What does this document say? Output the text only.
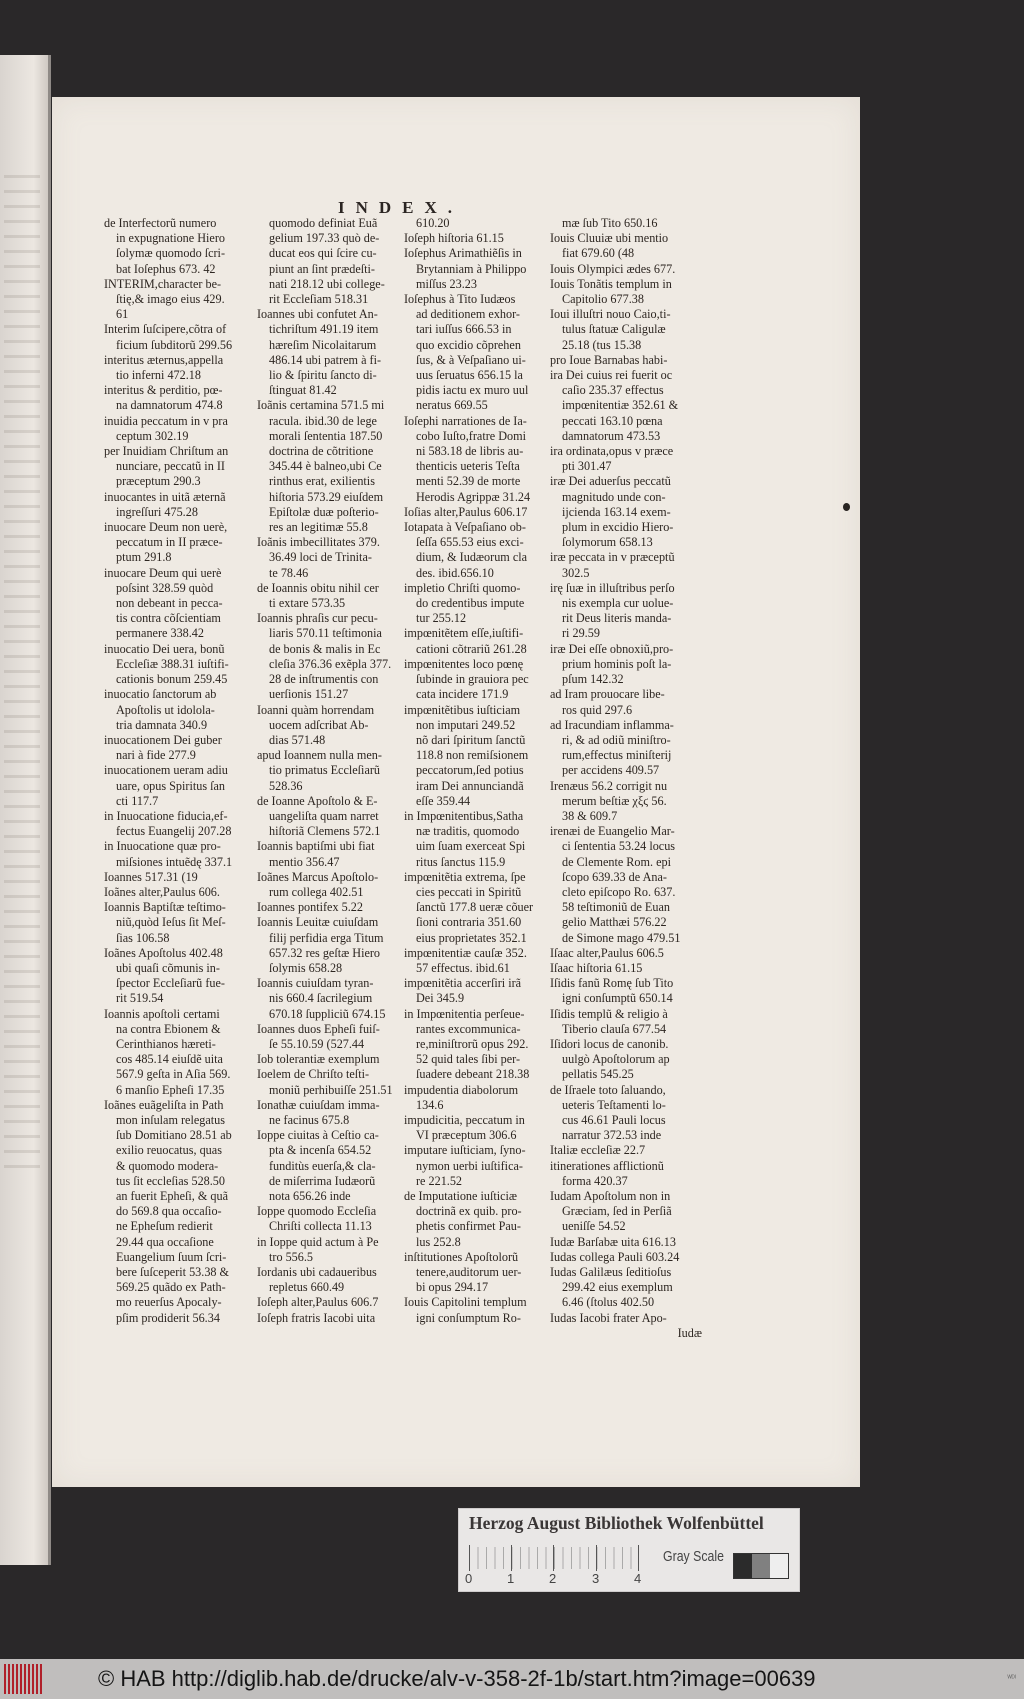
INDEX.
de Interfectorũ numero
in expugnatione Hiero
ſolymæ quomodo ſcri-
bat Ioſephus 673. 42
INTERIM,character be-
ſtię,& imago eius 429.
61
Interim ſuſcipere,cõtra of
ficium ſubditorũ 299.56
interitus æternus,appella
tio inferni 472.18
interitus & perditio, pœ-
na damnatorum 474.8
inuidia peccatum in v pra
ceptum 302.19
per Inuidiam Chriſtum an
nunciare, peccatũ in II
præceptum 290.3
inuocantes in uitã æternã
ingreſſuri 475.28
inuocare Deum non uerè,
peccatum in II præce-
ptum 291.8
inuocare Deum qui uerè
poſsint 328.59 quòd
non debeant in pecca-
tis contra cõſcientiam
permanere 338.42
inuocatio Dei uera, bonũ
Eccleſiæ 388.31 iuſtifi-
cationis bonum 259.45
inuocatio ſanctorum ab
Apoſtolis ut idolola-
tria damnata 340.9
inuocationem Dei guber
nari à fide 277.9
inuocationem ueram adiu
uare, opus Spiritus ſan
cti 117.7
in Inuocatione fiducia,ef-
fectus Euangelij 207.28
in Inuocatione quæ pro-
miſsiones intuẽdę 337.1
Ioannes 517.31 (19
Ioãnes alter,Paulus 606.
Ioannis Baptiſtæ teſtimo-
niũ,quòd Ieſus ſit Meſ-
ſias 106.58
Ioãnes Apoſtolus 402.48
ubi quaſi cõmunis in-
ſpector Eccleſiarũ fue-
rit 519.54
Ioannis apoſtoli certami
na contra Ebionem &
Cerinthianos hæreti-
cos 485.14 eiuſdẽ uita
567.9 geſta in Aſia 569.
6 manſio Epheſi 17.35
Ioãnes euãgeliſta in Path
mon inſulam relegatus
ſub Domitiano 28.51 ab
exilio reuocatus, quas
& quomodo modera-
tus ſit eccleſias 528.50
an fuerit Epheſi, & quã
do 569.8 qua occaſio-
ne Epheſum redierit
29.44 qua occaſione
Euangelium ſuum ſcri-
bere ſuſceperit 53.38 &
569.25 quãdo ex Path-
mo reuerſus Apocaly-
pſim prodiderit 56.34
quomodo definiat Euã
gelium 197.33 quò de-
ducat eos qui ſcire cu-
piunt an ſint prædeſti-
nati 218.12 ubi collegе-
rit Eccleſiam 518.31
Ioannes ubi confutet An-
tichriſtum 491.19 item
hæreſim Nicolaitarum
486.14 ubi patrem à fi-
lio & ſpiritu ſancto di-
ſtinguat 81.42
Ioãnis certamina 571.5 mi
racula. ibid.30 de lege
morali ſententia 187.50
doctrina de cõtritione
345.44 è balneo,ubi Ce
rinthus erat, exilientis
hiſtoria 573.29 eiuſdem
Epiſtolæ duæ poſterio-
res an legitimæ 55.8
Ioãnis imbecillitates 379.
36.49 loci de Trinita-
te 78.46
de Ioannis obitu nihil cer
ti extare 573.35
Ioannis phraſis cur pecu-
liaris 570.11 teſtimonia
de bonis & malis in Ec
cleſia 376.36 exẽpla 377.
28 de inſtrumentis con
uerſionis 151.27
Ioanni quàm horrendam
uocem adſcribat Ab-
dias 571.48
apud Ioannem nulla men-
tio primatus Eccleſiarũ
528.36
de Ioanne Apoſtolo & E-
uangeliſta quam narret
hiſtoriã Clemens 572.1
Ioannis baptiſmi ubi fiat
mentio 356.47
Ioãnes Marcus Apoſtolo-
rum collega 402.51
Ioannes pontifex 5.22
Ioannis Leuitæ cuiuſdam
filij perfidia erga Titum
657.32 res geſtæ Hiero
ſolymis 658.28
Ioannis cuiuſdam tyran-
nis 660.4 ſacrilegium
670.18 ſuppliciũ 674.15
Ioannes duos Epheſi fuiſ-
ſe 55.10.59 (527.44
Iob tolerantiæ exemplum
Ioelem de Chriſto teſti-
moniũ perhibuiſſe 251.51
Ionathæ cuiuſdam imma-
ne facinus 675.8
Ioppe ciuitas à Ceſtio ca-
pta & incenſa 654.52
funditùs euerſa,& cla-
de miſerrima Iudæorũ
nota 656.26 inde
Ioppe quomodo Eccleſia
Chriſti collecta 11.13
in Ioppe quid actum à Pe
tro 556.5
Iordanis ubi cadaueribus
repletus 660.49
Ioſeph alter,Paulus 606.7
Ioſeph fratris Iacobi uita
610.20
Ioſeph hiſtoria 61.15
Ioſephus Arimathiẽſis in
Brytanniam à Philippo
miſſus 23.23
Ioſephus à Tito Iudæos
ad deditionem exhor-
tari iuſſus 666.53 in
quo excidio cõprehen
ſus, & à Veſpaſiano ui-
uus ſeruatus 656.15 la
pidis iactu ex muro uul
neratus 669.55
Ioſephi narrationes de Ia-
cobo Iuſto,fratre Domi
ni 583.18 de libris au-
thenticis ueteris Teſta
menti 52.39 de morte
Herodis Agrippæ 31.24
Ioſias alter,Paulus 606.17
Iotapata à Veſpaſiano ob-
ſeſſa 655.53 eius exci-
dium, & Iudæorum cla
des. ibid.656.10
impletio Chriſti quomo-
do credentibus impute
tur 255.12
impœnitẽtem eſſe,iuſtifi-
cationi cõtrariũ 261.28
impœnitentes loco pœnę
ſubinde in grauiora pec
cata incidere 171.9
impœnitẽtibus iuſticiam
non imputari 249.52
nõ dari ſpiritum ſanctũ
118.8 non remiſsionem
peccatorum,ſed potius
iram Dei annunciandã
eſſe 359.44
in Impœnitentibus,Satha
næ traditis, quomodo
uim ſuam exerceat Spi
ritus ſanctus 115.9
impœnitẽtia extrema, ſpe
cies peccati in Spiritũ
ſanctũ 177.8 ueræ cõuer
ſioni contraria 351.60
eius proprietates 352.1
impœnitentiæ cauſæ 352.
57 effectus. ibid.61
impœnitẽtia accerſiri irã
Dei 345.9
in Impœnitentia perſeue-
rantes excommunica-
re,miniſtrorũ opus 292.
52 quid tales ſibi per-
ſuadere debeant 218.38
impudentia diabolorum
134.6
impudicitia, peccatum in
VI præceptum 306.6
imputare iuſticiam, ſyno-
nymon uerbi iuſtifica-
re 221.52
de Imputatione iuſticiæ
doctrinã ex quib. pro-
phetis confirmet Pau-
lus 252.8
inſtitutiones Apoſtolorũ
tenere,auditorum uer-
bi opus 294.17
Iouis Capitolini templum
igni conſumptum Ro-
mæ ſub Tito 650.16
Iouis Cluuiæ ubi mentio
fiat 679.60 (48
Iouis Olympici ædes 677.
Iouis Tonãtis templum in
Capitolio 677.38
Ioui illuſtri nouo Caio,ti-
tulus ſtatuæ Caligulæ
25.18 (tus 15.38
pro Ioue Barnabas habi-
ira Dei cuius rei fuerit oc
caſio 235.37 effectus
impœnitentiæ 352.61 &
peccati 163.10 pœna
damnatorum 473.53
ira ordinata,opus v præce
pti 301.47
iræ Dei aduerſus peccatũ
magnitudo unde con-
ijcienda 163.14 exem-
plum in excidio Hiero-
ſolymorum 658.13
iræ peccata in v præceptũ
302.5
irę ſuæ in illuſtribus perſo
nis exempla cur uolue-
rit Deus literis manda-
ri 29.59
iræ Dei eſſe obnoxiũ,pro-
prium hominis poſt la-
pſum 142.32
ad Iram prouocare libe-
ros quid 297.6
ad Iracundiam inflamma-
ri, & ad odiũ miniſtro-
rum,effectus miniſterij
per accidens 409.57
Irenæus 56.2 corrigit nu
merum beſtiæ χξϛ 56.
38 & 609.7
irenæi de Euangelio Mar-
ci ſententia 53.24 locus
de Clemente Rom. epi
ſcopo 639.33 de Ana-
cleto epiſcopo Ro. 637.
58 teſtimoniũ de Euan
gelio Matthæi 576.22
de Simone mago 479.51
Iſaac alter,Paulus 606.5
Iſaac hiſtoria 61.15
Iſidis fanũ Romę ſub Tito
igni conſumptũ 650.14
Iſidis templũ & religio à
Tiberio clauſa 677.54
Iſidori locus de canonib.
uulgò Apoſtolorum ap
pellatis 545.25
de Iſraele toto ſaluando,
ueteris Teſtamenti lo-
cus 46.61 Pauli locus
narratur 372.53 inde
Italiæ eccleſiæ 22.7
itinerationes afflictionũ
forma 420.37
Iudam Apoſtolum non in
Græciam, ſed in Perſiã
ueniſſe 54.52
Iudæ Barſabæ uita 616.13
Iudas collega Pauli 603.24
Iudas Galilæus ſeditioſus
299.42 eius exemplum
6.46 (ſtolus 402.50
Iudas Iacobi frater Apo-
Iudæ
Herzog August Bibliothek Wolfenbüttel
0	1	2	3	4
Gray Scale
© HAB http://diglib.hab.de/drucke/alv-v-358-2f-1b/start.htm?image=00639	ᵂᴰᴵ
